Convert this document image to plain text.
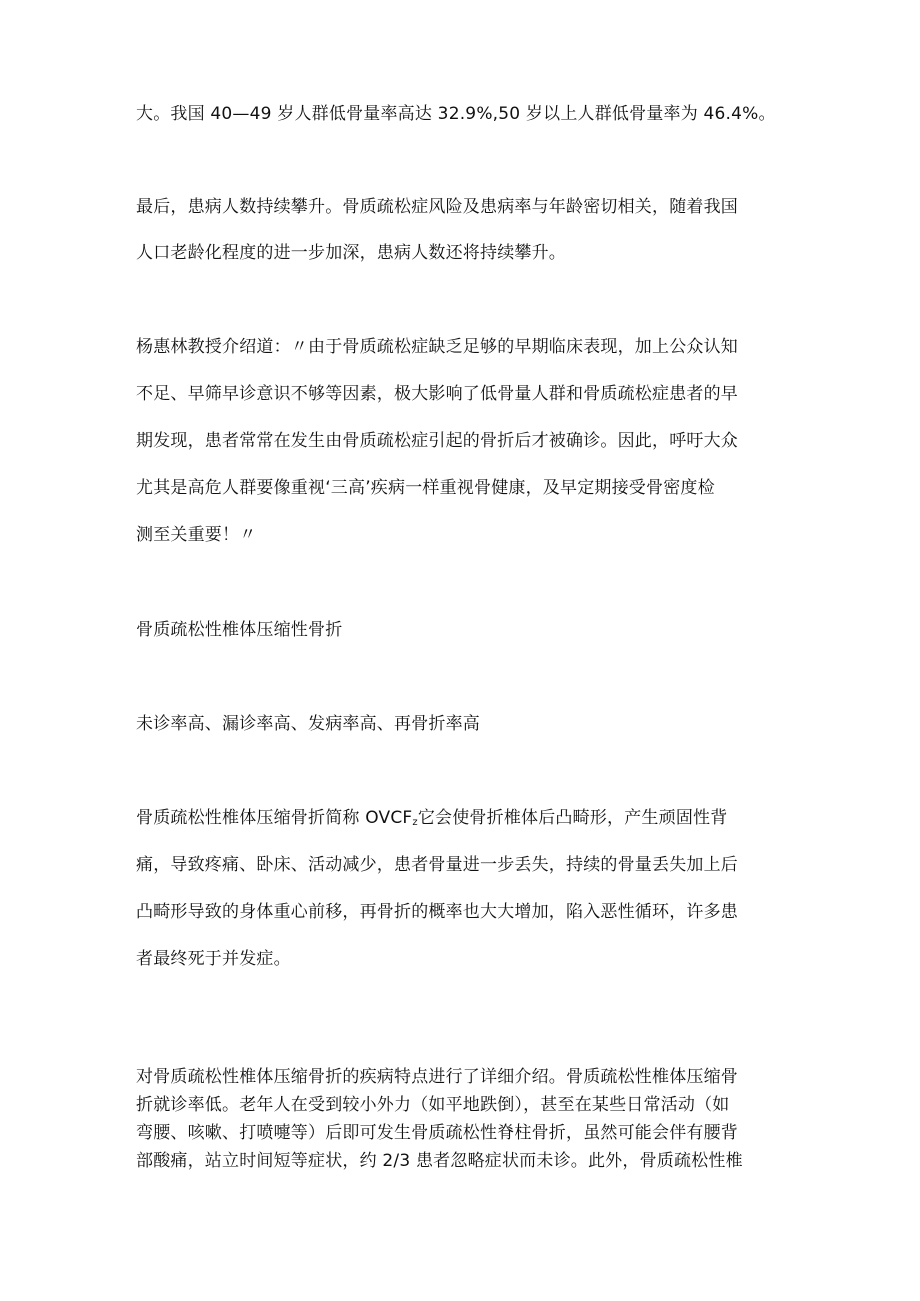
大。我国 40—49 岁人群低骨量率高达 32.9%,50 岁以上人群低骨量率为 46.4%。
最后，患病人数持续攀升。骨质疏松症风险及患病率与年龄密切相关，随着我国
人口老龄化程度的进一步加深，患病人数还将持续攀升。
杨惠林教授介绍道：〃由于骨质疏松症缺乏足够的早期临床表现，加上公众认知
不足、早筛早诊意识不够等因素，极大影响了低骨量人群和骨质疏松症患者的早
期发现，患者常常在发生由骨质疏松症引起的骨折后才被确诊。因此，呼吁大众
尤其是高危人群要像重视‘三高’疾病一样重视骨健康，及早定期接受骨密度检
测至关重要！〃
骨质疏松性椎体压缩性骨折
未诊率高、漏诊率高、发病率高、再骨折率高
骨质疏松性椎体压缩骨折简称 $OVCF_z$它会使骨折椎体后凸畸形，产生顽固性背
痛，导致疼痛、卧床、活动减少，患者骨量进一步丢失，持续的骨量丢失加上后
凸畸形导致的身体重心前移，再骨折的概率也大大增加，陷入恶性循环，许多患
者最终死于并发症。
对骨质疏松性椎体压缩骨折的疾病特点进行了详细介绍。骨质疏松性椎体压缩骨
折就诊率低。老年人在受到较小外力（如平地跌倒），甚至在某些日常活动（如
弯腰、咳嗽、打喷嚏等）后即可发生骨质疏松性脊柱骨折，虽然可能会伴有腰背
部酸痛，站立时间短等症状，约 2/3 患者忽略症状而未诊。此外，骨质疏松性椎
